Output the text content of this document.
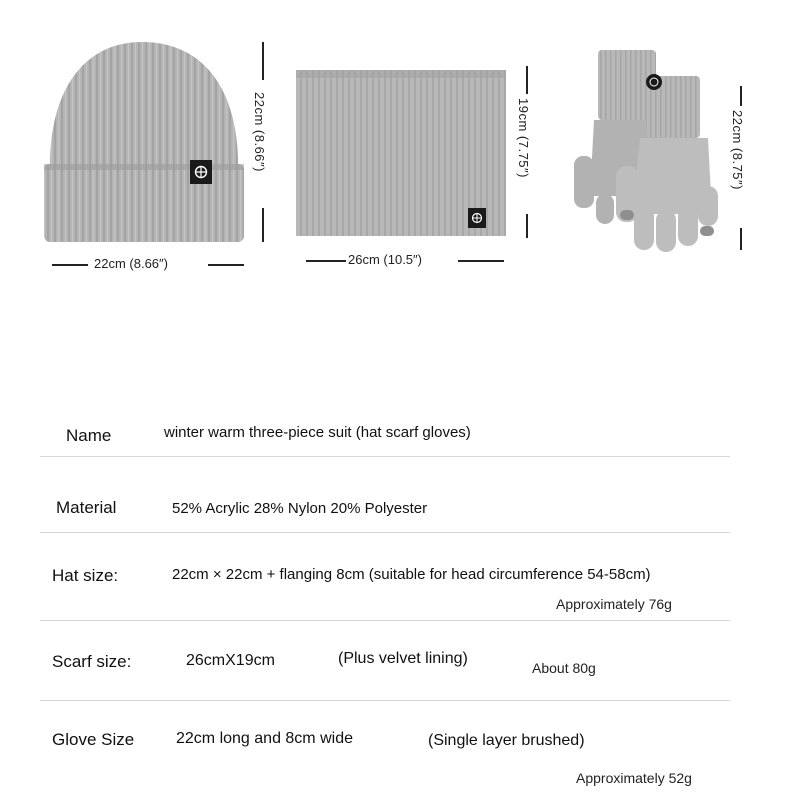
22cm (8.66″)
22cm (8.66″)
19cm (7.75″)
26cm (10.5″)
22cm (8.75″)
Name	winter warm three-piece suit (hat scarf gloves)
Material	52% Acrylic 28% Nylon 20% Polyester
Hat size:	22cm × 22cm + flanging 8cm (suitable for head circumference 54-58cm)
Approximately 76g
Scarf size:	26cmX19cm	(Plus velvet lining)
About 80g
Glove Size	22cm long and 8cm wide	(Single layer brushed)
Approximately 52g
